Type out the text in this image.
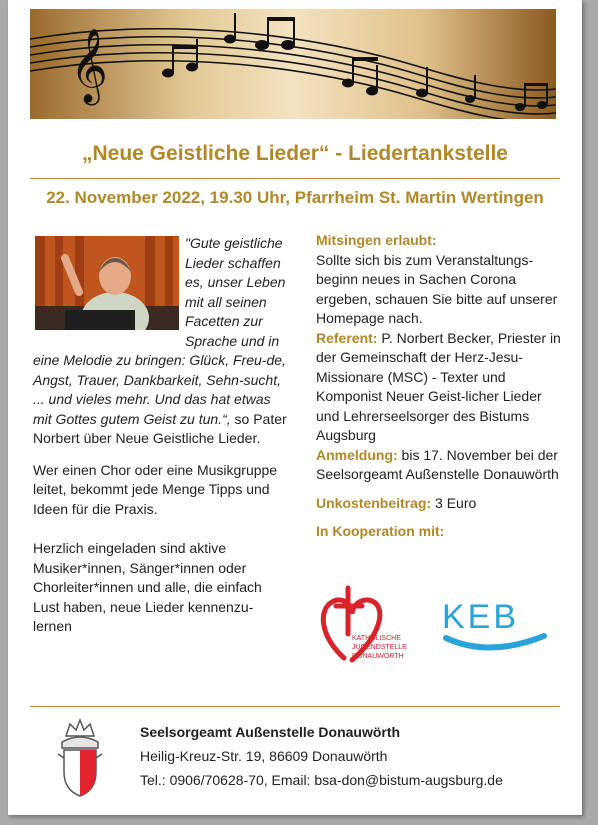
𝄞
„Neue Geistliche Lieder“ - Liedertankstelle
22. November 2022, 19.30 Uhr, Pfarrheim St. Martin Wertingen
"Gute geistliche Lieder schaffen es, unser Leben mit all seinen Facetten zur Sprache und in
eine Melodie zu bringen: Glück, Freu-de, Angst, Trauer, Dankbarkeit, Sehn-sucht, ... und vieles mehr. Und das hat etwas mit Gottes gutem Geist zu tun.“, so Pater Norbert über Neue Geistliche Lieder.
Wer einen Chor oder eine Musikgruppe leitet, bekommt jede Menge Tipps und Ideen für die Praxis.
Herzlich eingeladen sind aktive Musiker*innen, Sänger*innen oder Chorleiter*innen und alle, die einfach Lust haben, neue Lieder kennenzu-lernen

Mitsingen erlaubt:

Sollte sich bis zum Veranstaltungs-beginn neues in Sachen Corona ergeben, schauen Sie bitte auf unserer Homepage nach.

Referent: P. Norbert Becker, Priester in der Gemeinschaft der Herz-Jesu-Missionare (MSC) - Texter und Komponist Neuer Geist-licher Lieder und Lehrerseelsorger des Bistums Augsburg

Anmeldung: bis 17. November bei der Seelsorgeamt Außenstelle Donauwörth

Unkostenbeitrag: 3 Euro

In Kooperation mit:

KATHOLISCHE
JUGENDSTELLE
DONAUWÖRTH
KEB
Seelsorgeamt Außenstelle Donauwörth
Heilig-Kreuz-Str. 19, 86609 Donauwörth
Tel.: 0906/70628-70, Email: bsa-don@bistum-augsburg.de
